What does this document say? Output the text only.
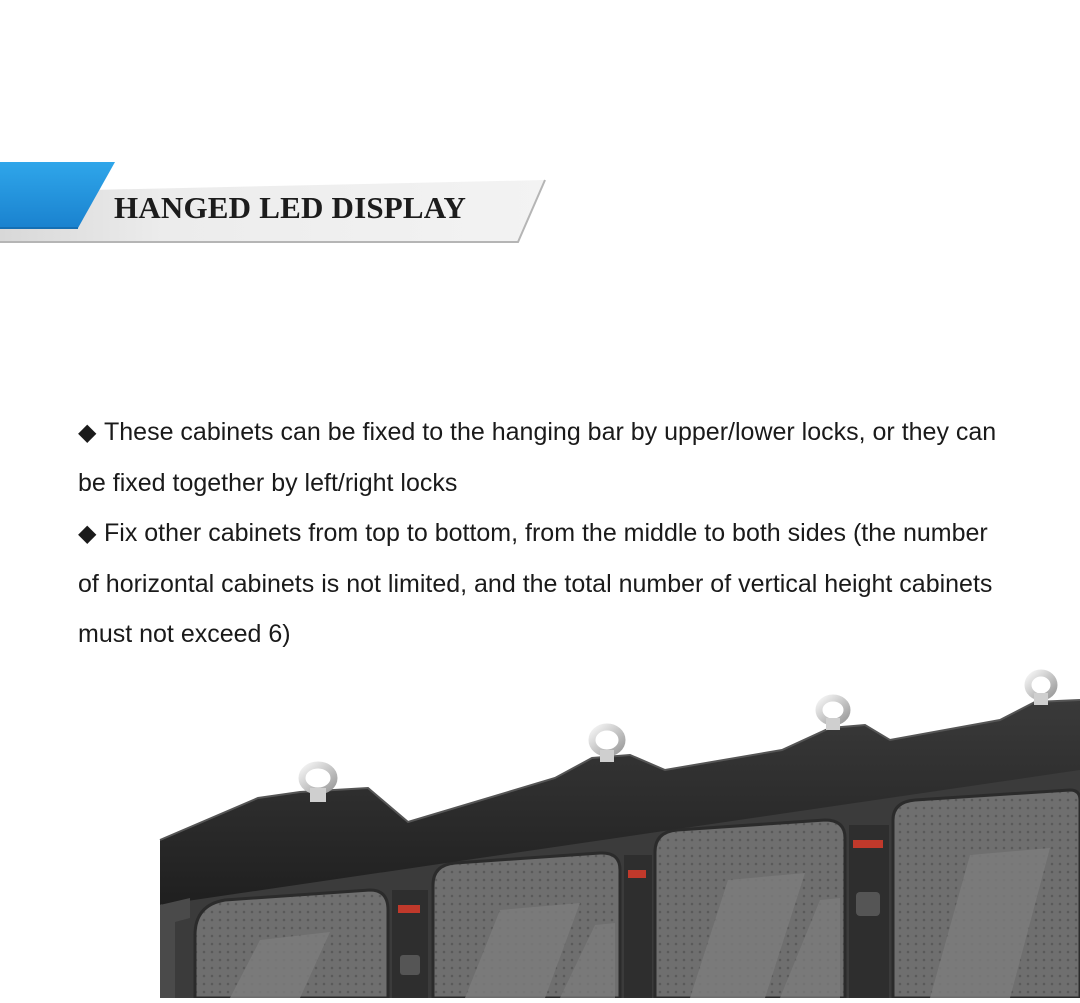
HANGED LED DISPLAY

◆ These cabinets can be fixed to the hanging bar by upper/lower locks, or they can be fixed together by left/right locks

◆ Fix other cabinets from top to bottom, from the middle to both sides (the number of horizontal cabinets is not limited, and the total number of vertical height cabinets must not exceed 6)
